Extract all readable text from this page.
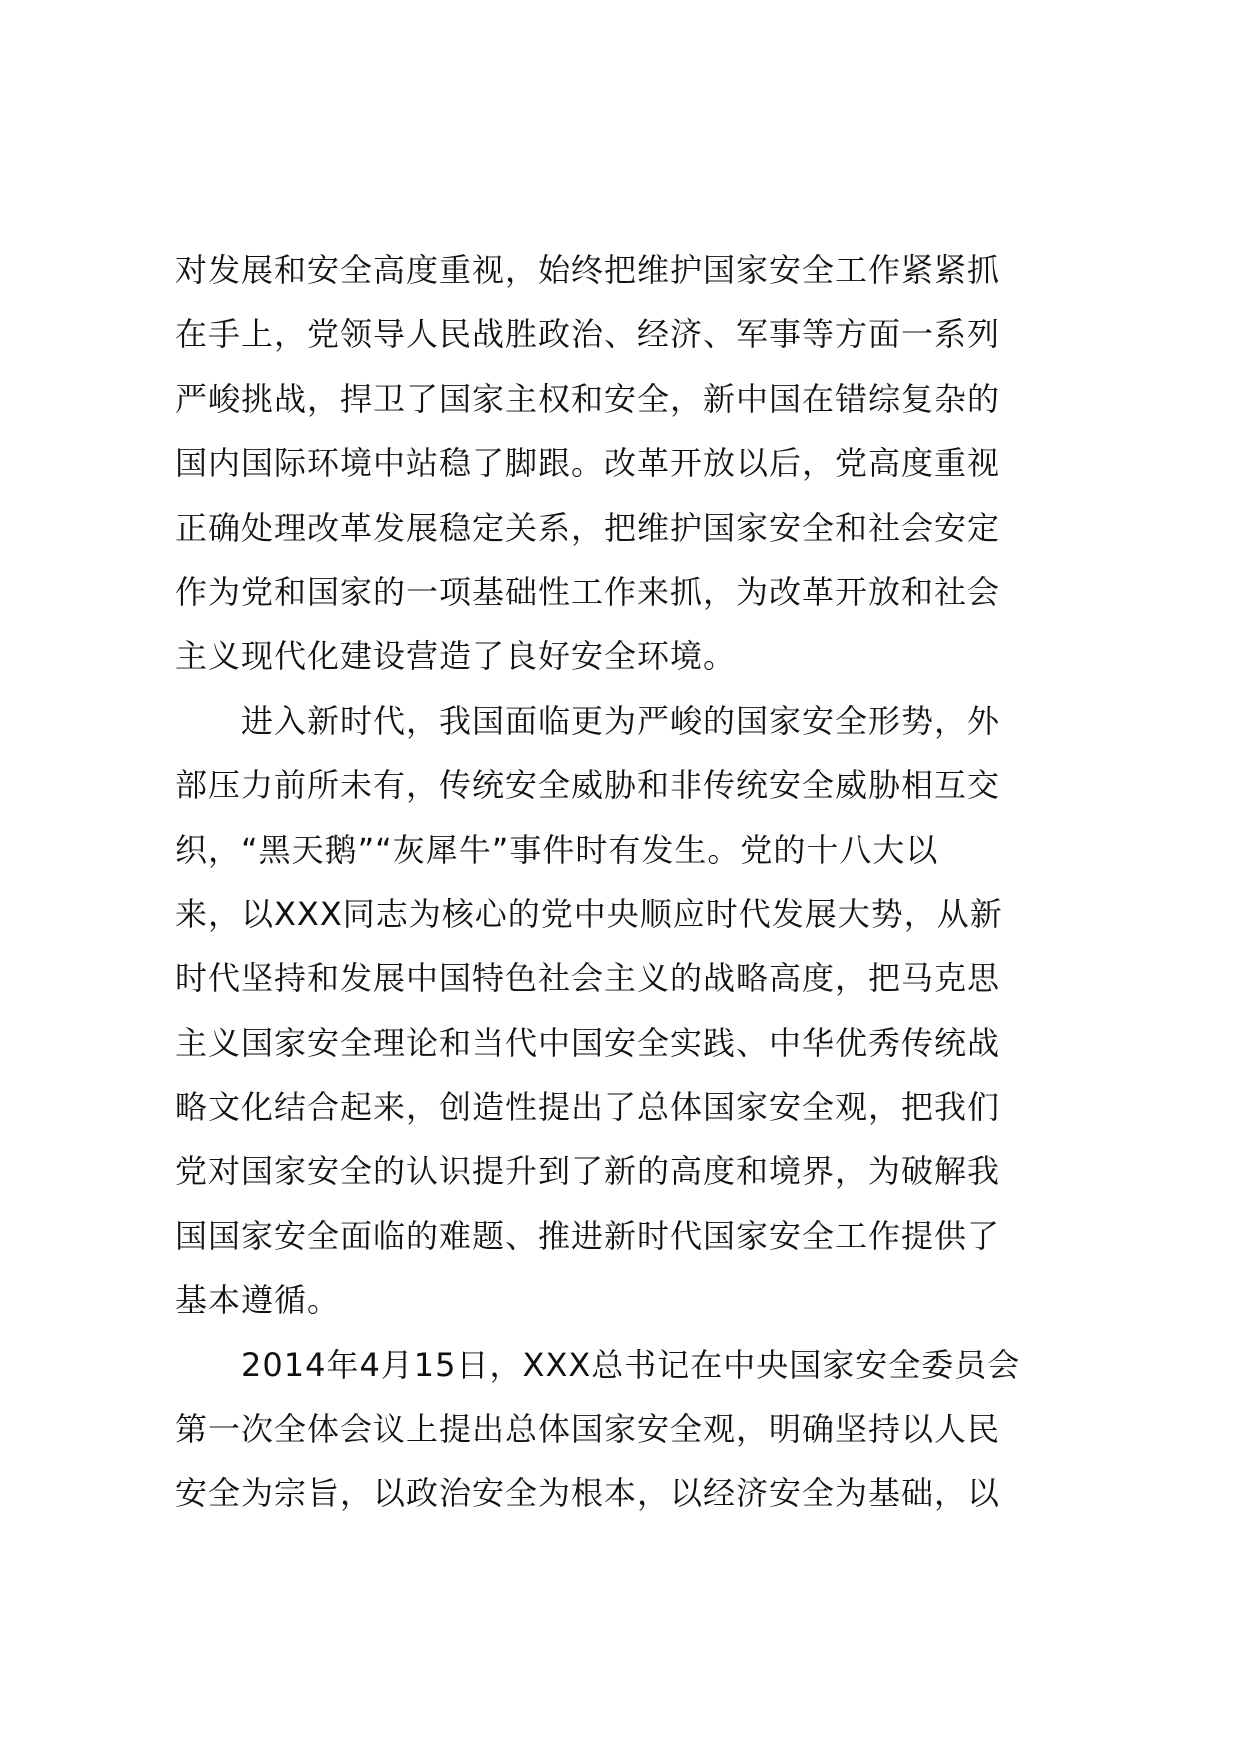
对发展和安全高度重视，始终把维护国家安全工作紧紧抓
在手上，党领导人民战胜政治、经济、军事等方面一系列
严峻挑战，捍卫了国家主权和安全，新中国在错综复杂的
国内国际环境中站稳了脚跟。改革开放以后，党高度重视
正确处理改革发展稳定关系，把维护国家安全和社会安定
作为党和国家的一项基础性工作来抓，为改革开放和社会
主义现代化建设营造了良好安全环境。
进入新时代，我国面临更为严峻的国家安全形势，外
部压力前所未有，传统安全威胁和非传统安全威胁相互交
织，“黑天鹅”“灰犀牛”事件时有发生。党的十八大以
来，以XXX同志为核心的党中央顺应时代发展大势，从新
时代坚持和发展中国特色社会主义的战略高度，把马克思
主义国家安全理论和当代中国安全实践、中华优秀传统战
略文化结合起来，创造性提出了总体国家安全观，把我们
党对国家安全的认识提升到了新的高度和境界，为破解我
国国家安全面临的难题、推进新时代国家安全工作提供了
基本遵循。
2014年4月15日，XXX总书记在中央国家安全委员会
第一次全体会议上提出总体国家安全观，明确坚持以人民
安全为宗旨，以政治安全为根本，以经济安全为基础，以
